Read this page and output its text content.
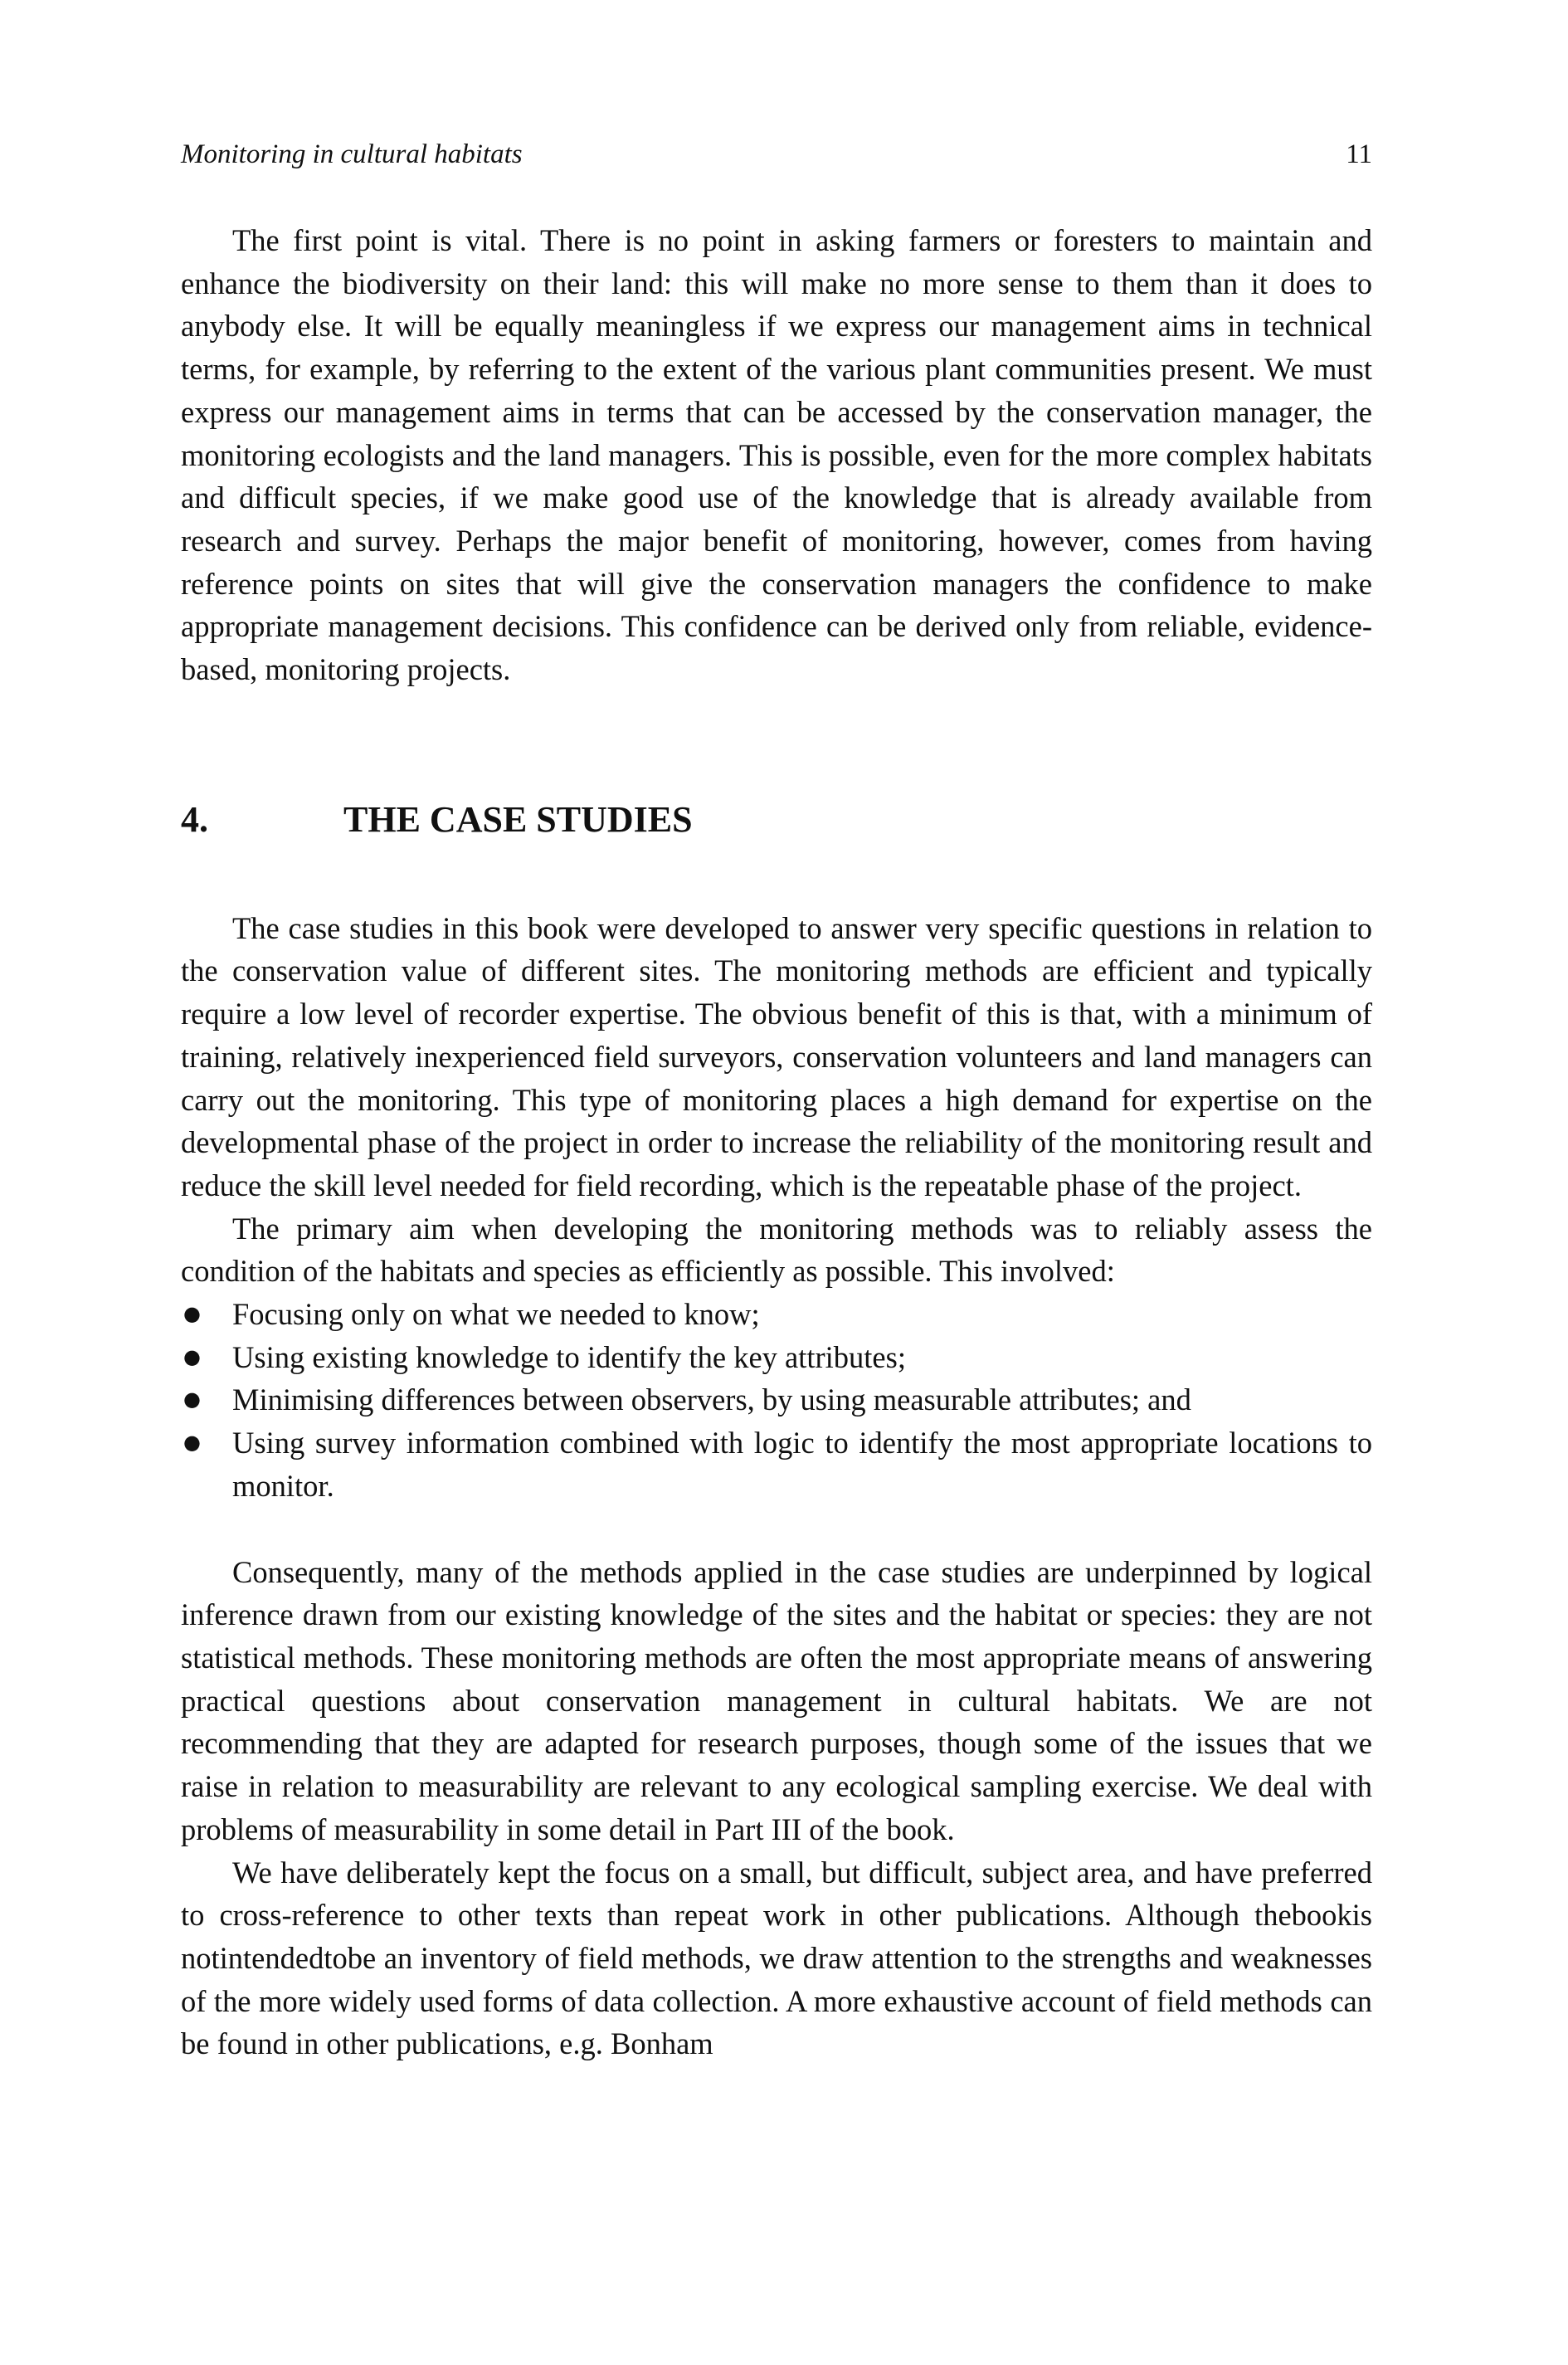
Monitoring in cultural habitats	11

The first point is vital. There is no point in asking farmers or foresters to maintain and enhance the biodiversity on their land: this will make no more sense to them than it does to anybody else. It will be equally meaningless if we express our management aims in technical terms, for example, by referring to the extent of the various plant communities present. We must express our management aims in terms that can be accessed by the conservation manager, the monitoring ecologists and the land managers. This is possible, even for the more complex habitats and difficult species, if we make good use of the knowledge that is already available from research and survey. Perhaps the major benefit of monitoring, however, comes from having reference points on sites that will give the conservation managers the confidence to make appropriate management decisions. This confidence can be derived only from reliable, evidence-based, monitoring projects.

4.	THE CASE STUDIES

The case studies in this book were developed to answer very specific questions in relation to the conservation value of different sites. The monitoring methods are efficient and typically require a low level of recorder expertise. The obvious benefit of this is that, with a minimum of training, relatively inexperienced field surveyors, conservation volunteers and land managers can carry out the monitoring. This type of monitoring places a high demand for expertise on the developmental phase of the project in order to increase the reliability of the monitoring result and reduce the skill level needed for field recording, which is the repeatable phase of the project.

The primary aim when developing the monitoring methods was to reliably assess the condition of the habitats and species as efficiently as possible. This involved:

● Focusing only on what we needed to know;
● Using existing knowledge to identify the key attributes;
● Minimising differences between observers, by using measurable attributes; and
● Using survey information combined with logic to identify the most appropriate locations to monitor.

Consequently, many of the methods applied in the case studies are underpinned by logical inference drawn from our existing knowledge of the sites and the habitat or species: they are not statistical methods. These monitoring methods are often the most appropriate means of answering practical questions about conservation management in cultural habitats. We are not recommending that they are adapted for research purposes, though some of the issues that we raise in relation to measurability are relevant to any ecological sampling exercise. We deal with problems of measurability in some detail in Part III of the book.

We have deliberately kept the focus on a small, but difficult, subject area, and have preferred to cross-reference to other texts than repeat work in other publications. Although thebookis notintendedtobe an inventory of field methods, we draw attention to the strengths and weaknesses of the more widely used forms of data collection. A more exhaustive account of field methods can be found in other publications, e.g. Bonham
